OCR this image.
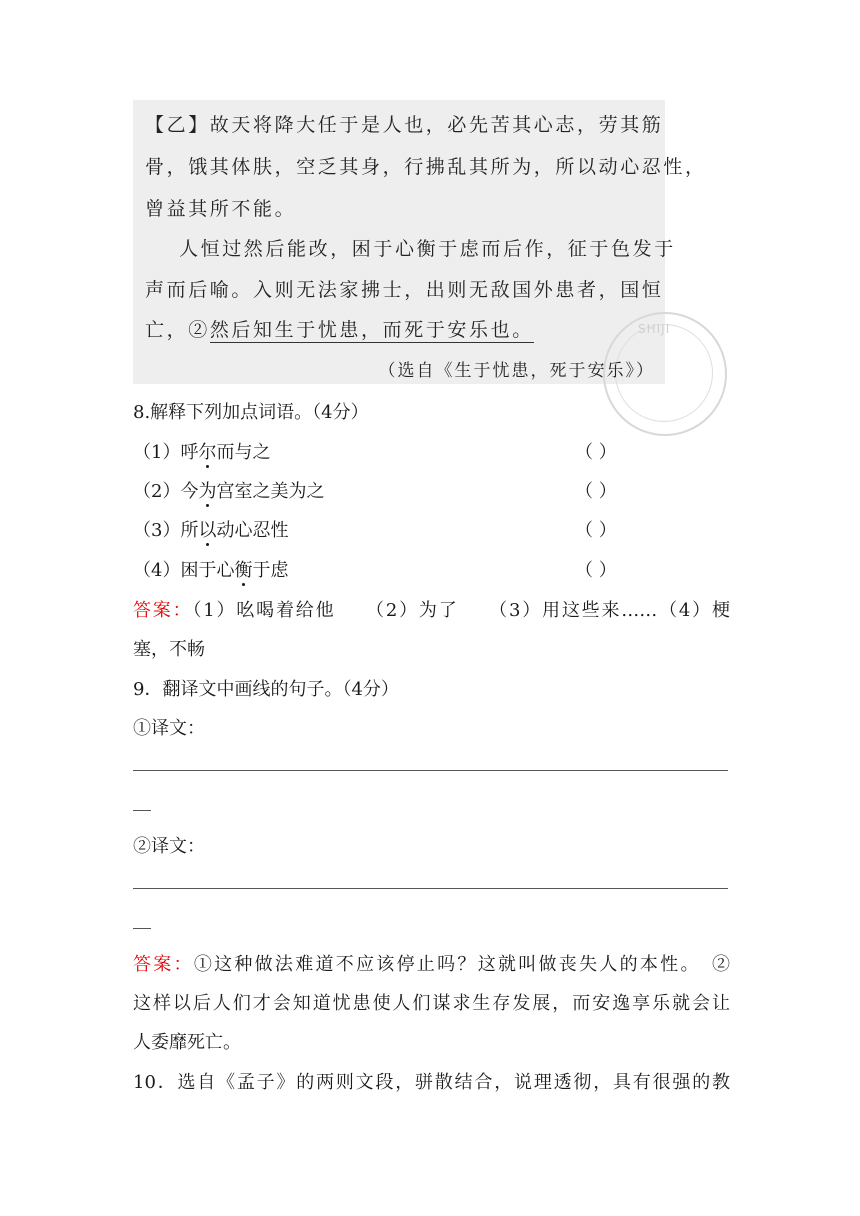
【乙】故天将降大任于是人也，必先苦其心志，劳其筋
骨，饿其体肤，空乏其身，行拂乱其所为，所以动心忍性，
曾益其所不能。
人恒过然后能改，困于心衡于虑而后作，征于色发于
声而后喻。入则无法家拂士，出则无敌国外患者，国恒
亡，②然后知生于忧患，而死于安乐也。	SHIJI
（选自《生于忧患，死于安乐》）
8.解释下列加点词语。（4分）
（1）呼尔而与之	（ ）
（2）今为宫室之美为之	（ ）
（3）所以动心忍性	（ ）
（4）困于心衡于虑	（ ）
答案：（1）吆喝着给他　　（2）为了　　（3）用这些来……（4）梗
塞，不畅
9．翻译文中画线的句子。（4分）
①译文：
②译文：
答案：①这种做法难道不应该停止吗？这就叫做丧失人的本性。　②
这样以后人们才会知道忧患使人们谋求生存发展，而安逸享乐就会让
人委靡死亡。
10．选自《孟子》的两则文段，骈散结合，说理透彻，具有很强的教
